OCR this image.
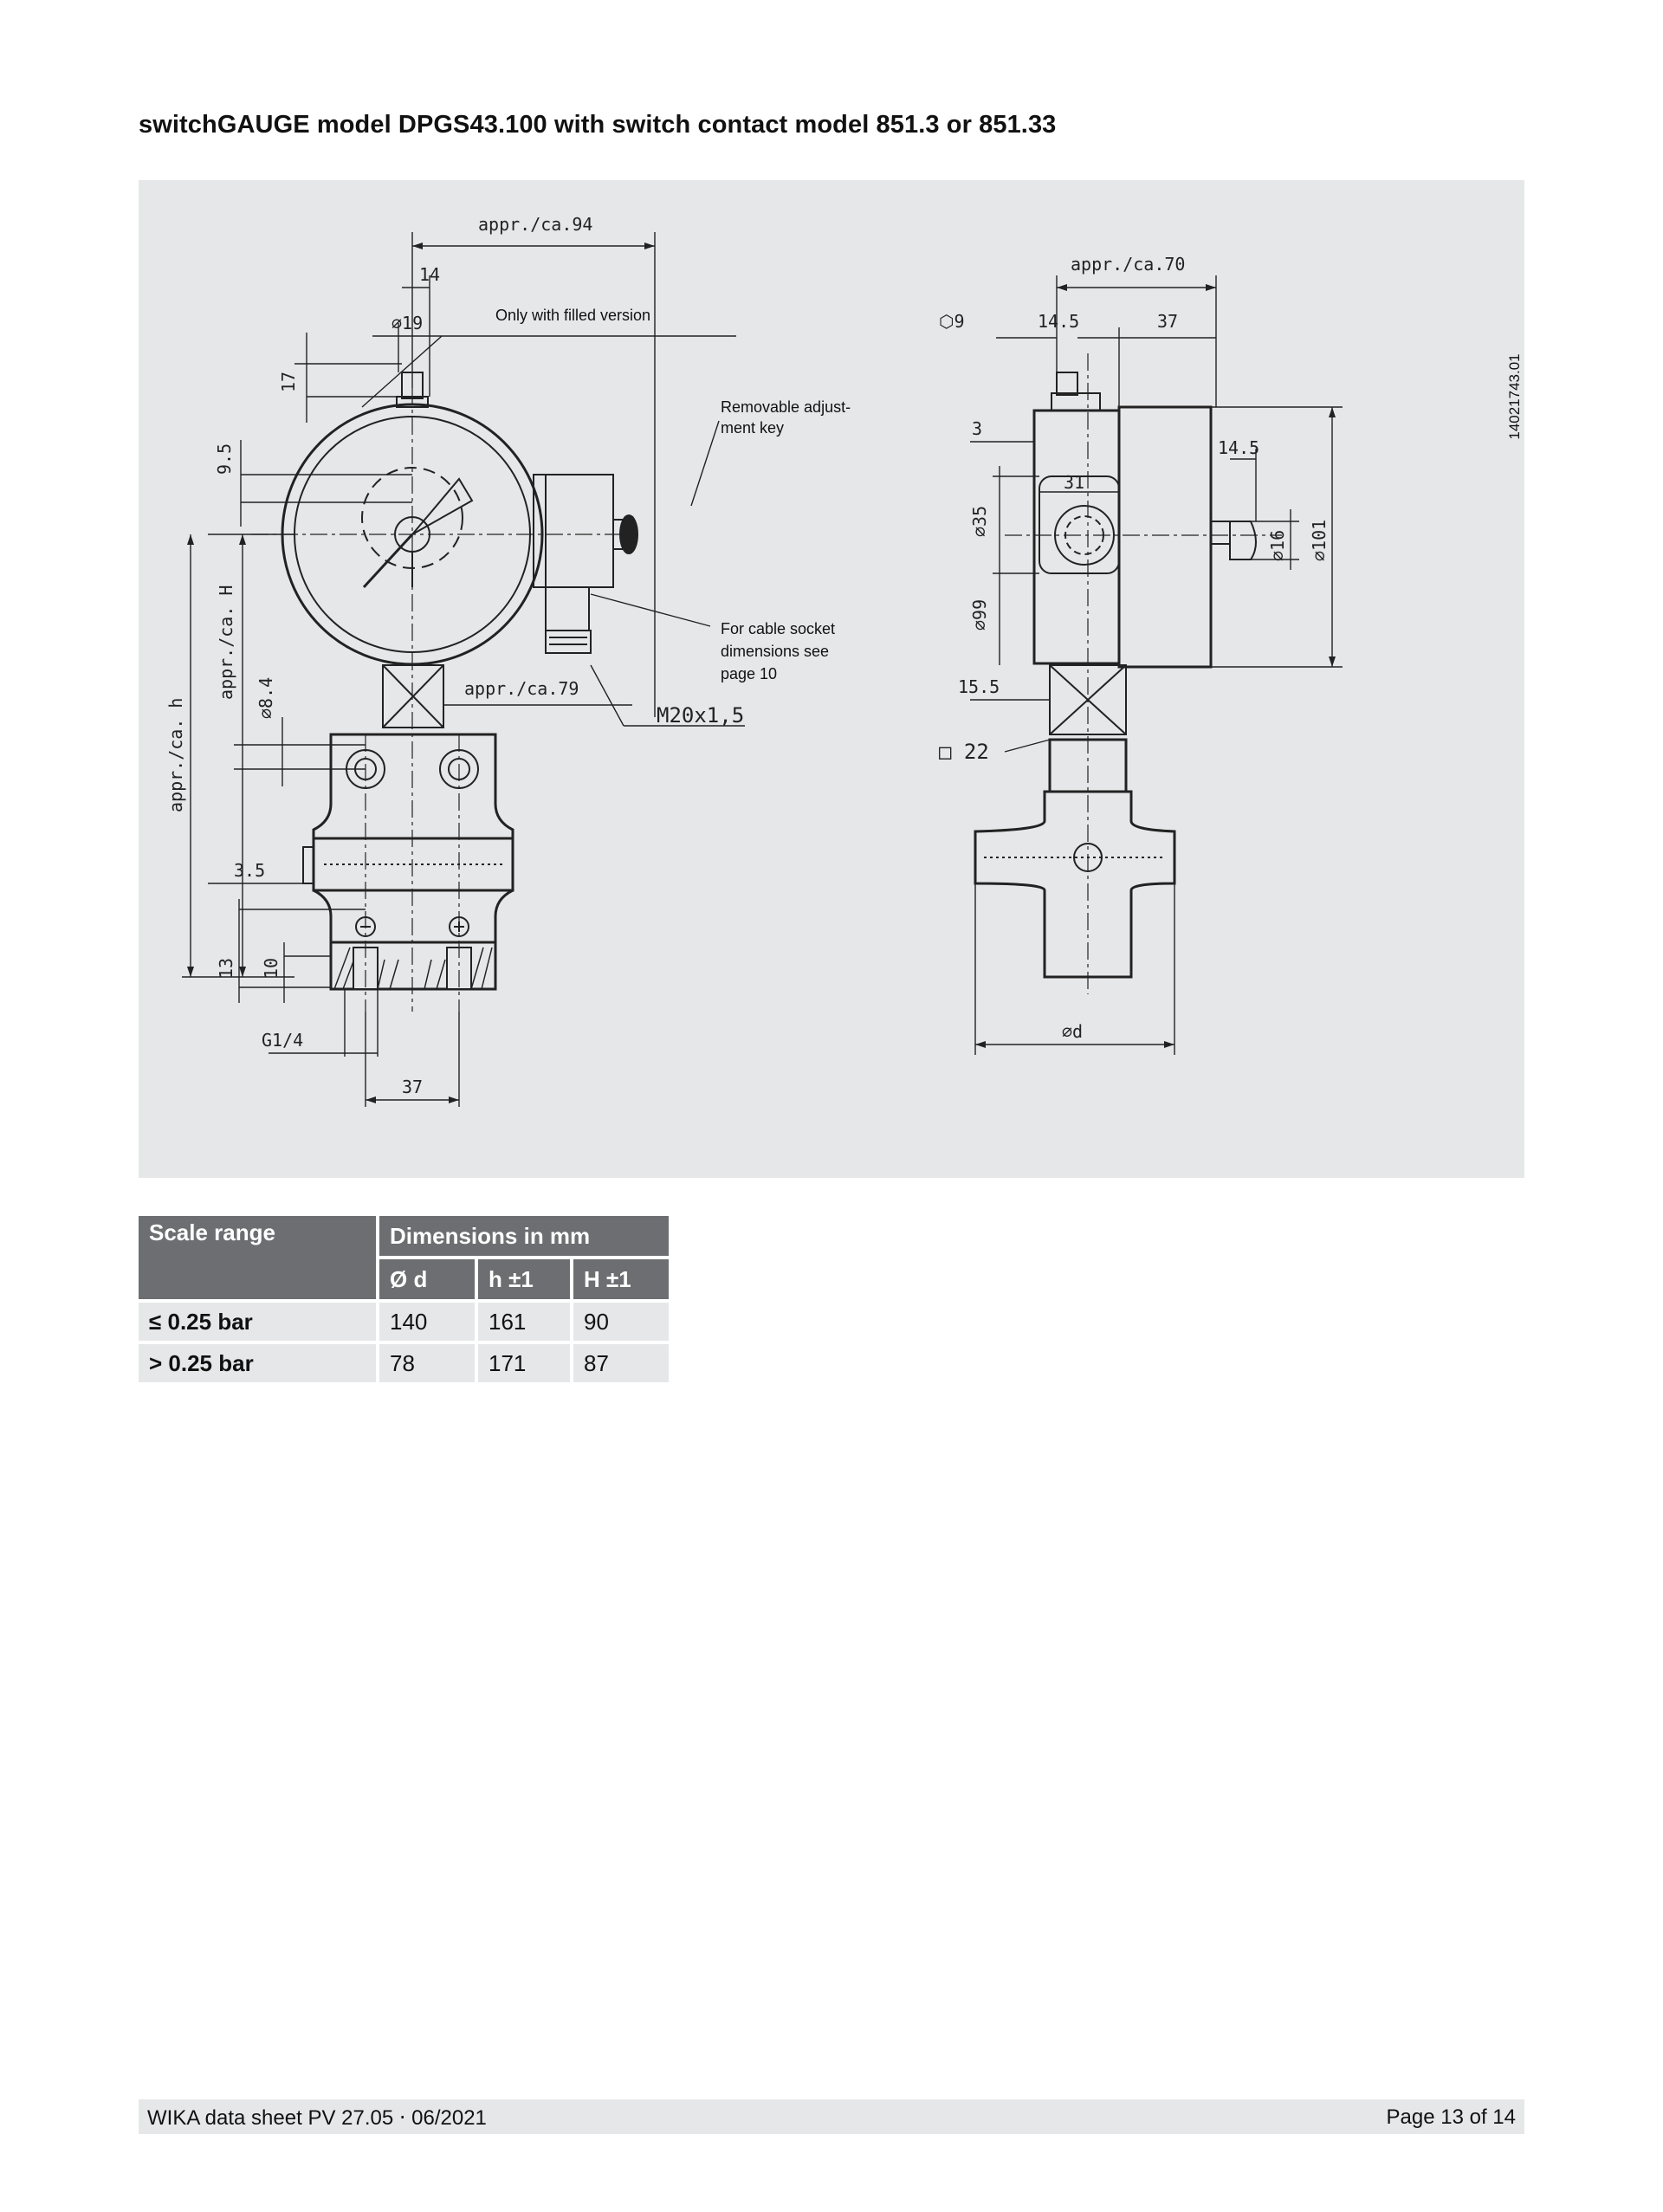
switchGAUGE model DPGS43.100 with switch contact model 851.3 or 851.33
appr./ca.94
14
⌀19	Only with filled version
17
9.5
appr./ca. H
appr./ca. h	⌀8.4	appr./ca.79
M20x1,5
Removable adjust-
ment key
For cable socket
dimensions see
page 10
3.5
13 10
G1/4
37
appr./ca.70
⬡9	14.5	37
3
14.5
31
⌀35
⌀16 ⌀101
⌀99
15.5
□ 22
⌀d
14021743.01
Scale range	Dimensions in mm		
	Ø d	h ±1	H ±1
≤ 0.25 bar	140	161	90
> 0.25 bar	78	171	87
WIKA data sheet PV 27.05 ⋅ 06/2021	Page 13 of 14
